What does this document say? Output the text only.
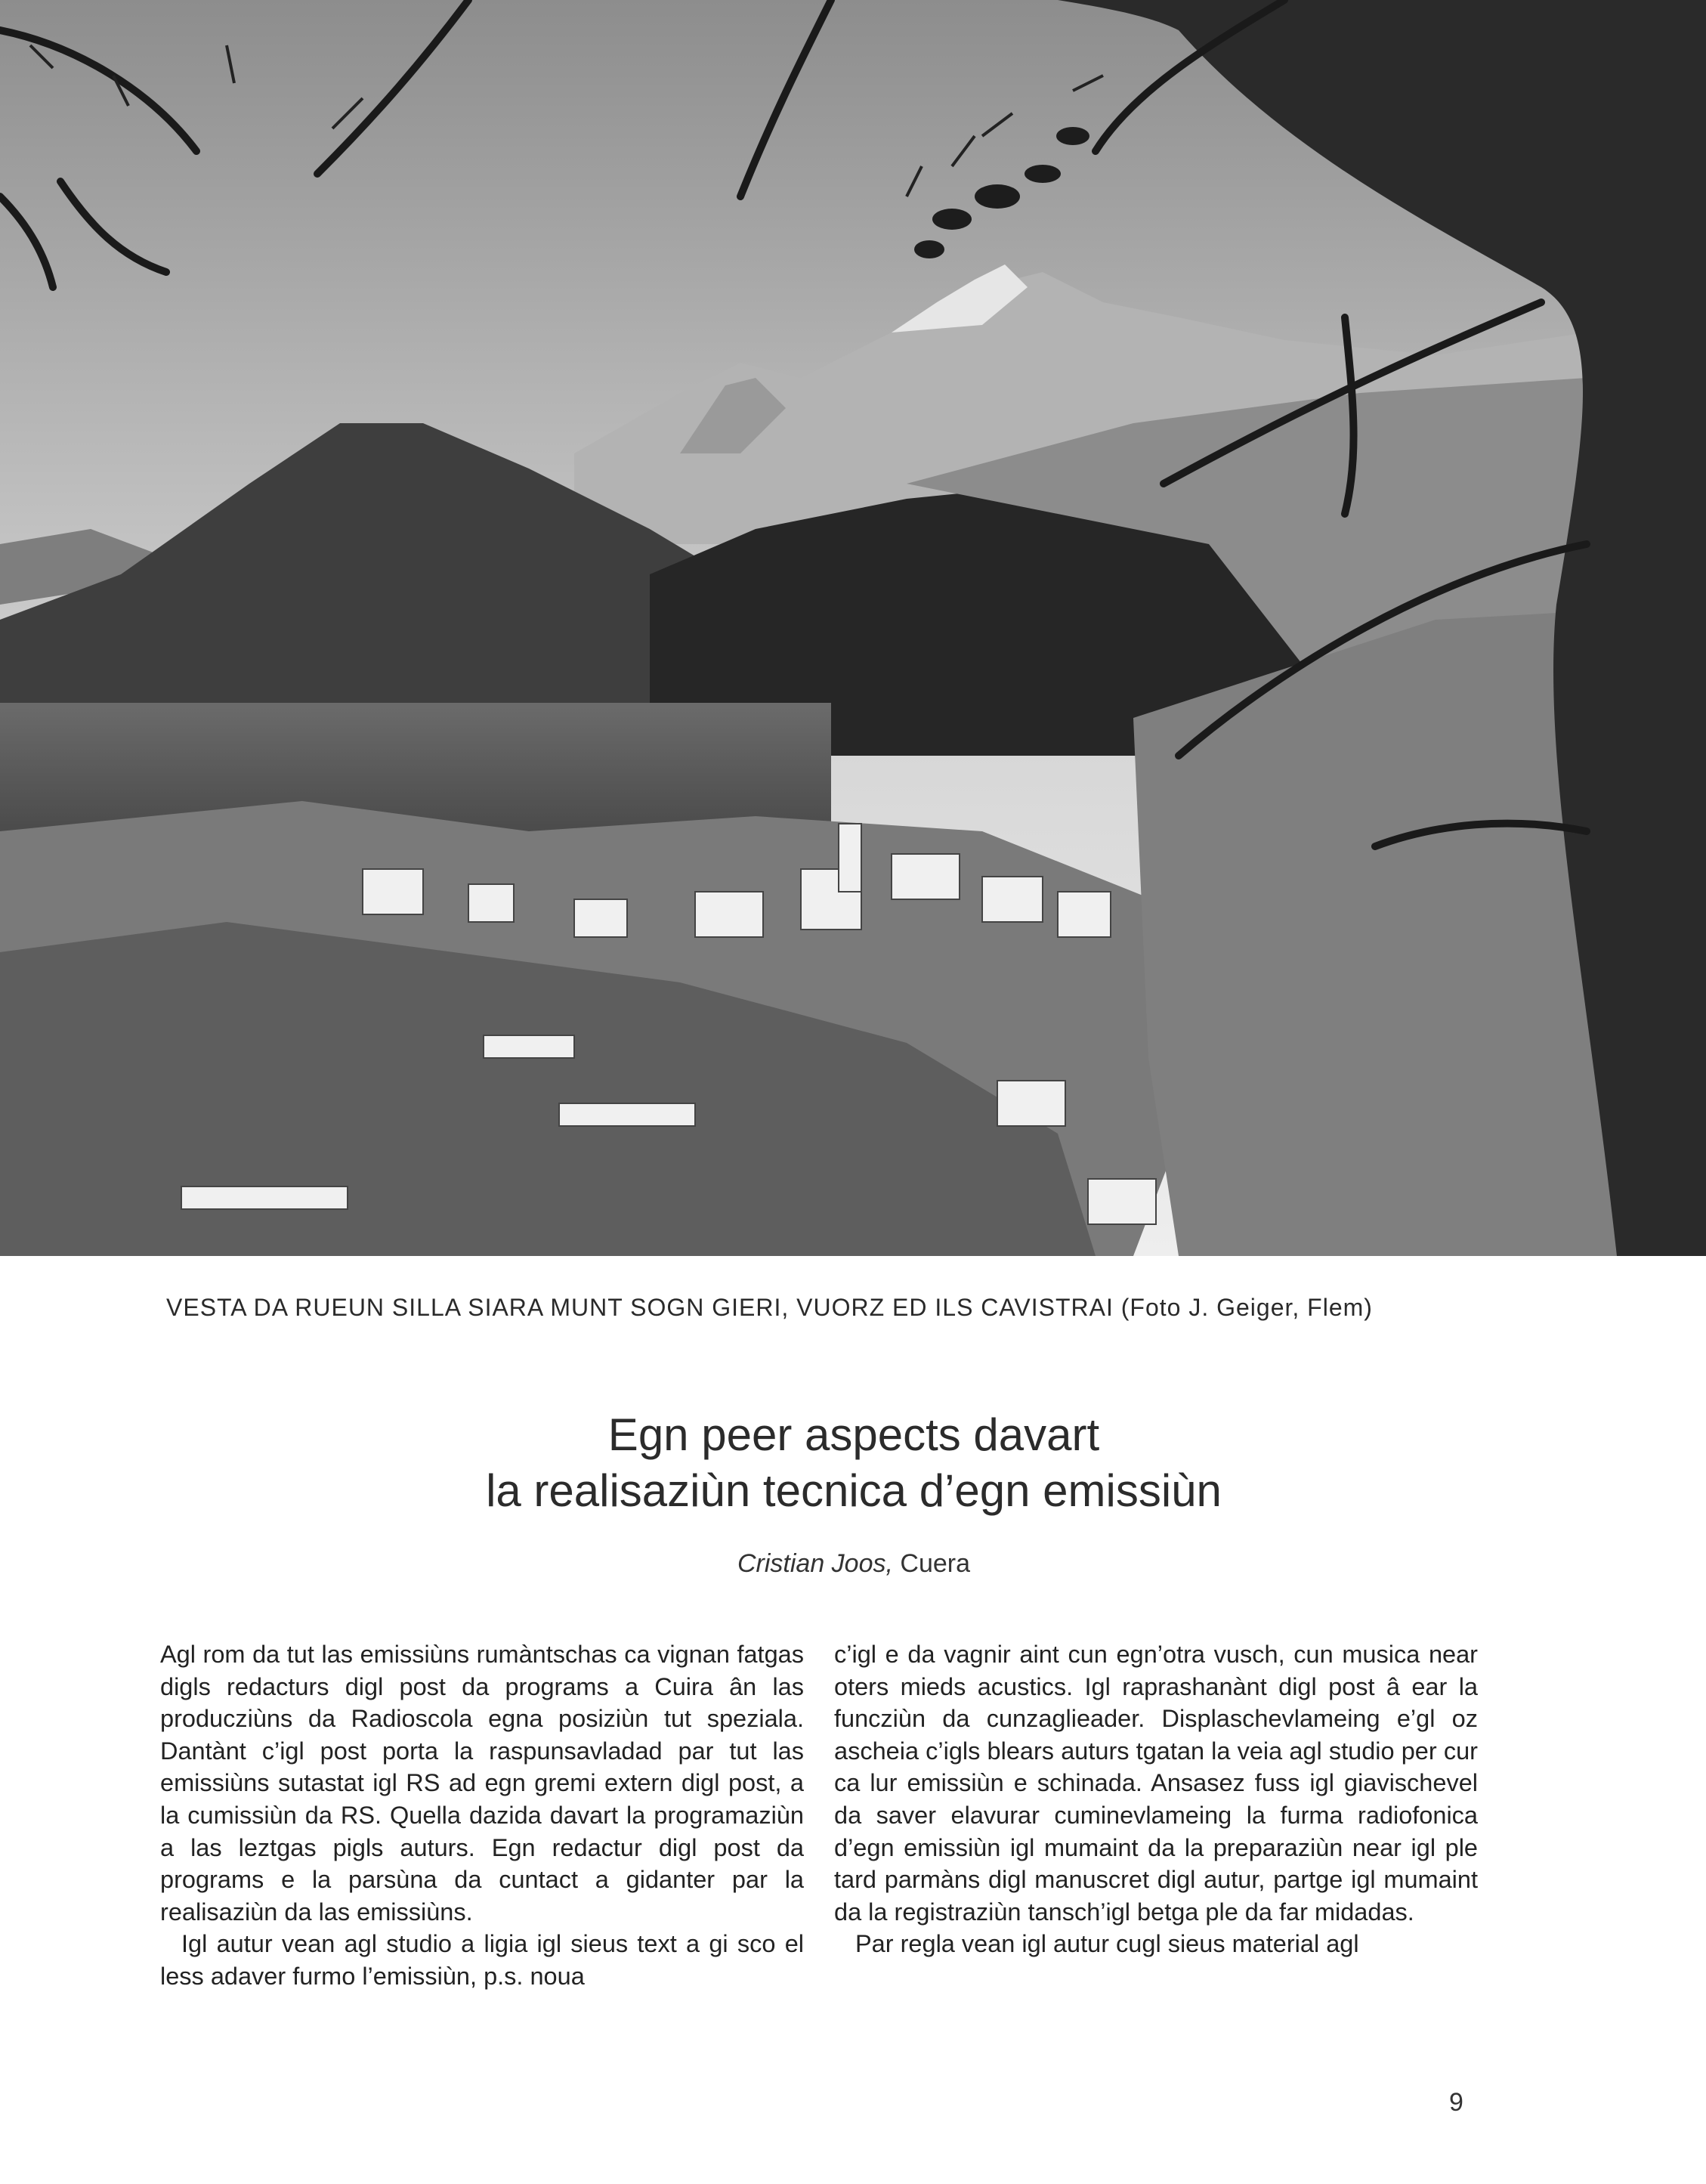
VESTA DA RUEUN SILLA SIARA MUNT SOGN GIERI, VUORZ ED ILS CAVISTRAI (Foto J. Geiger, Flem)
Egn peer aspects davart
la realisaziùn tecnica d’egn emissiùn
Cristian Joos, Cuera

Agl rom da tut las emissiùns rumàntschas ca vignan fatgas digls redacturs digl post da programs a Cuira ân las producziùns da Radioscola egna posiziùn tut speziala. Dantànt c’igl post porta la raspunsavladad par tut las emissiùns sutastat igl RS ad egn gremi extern digl post, a la cumissiùn da RS. Quella dazida davart la programaziùn a las leztgas pigls auturs. Egn redactur digl post da programs e la parsùna da cuntact a gidanter par la realisaziùn da las emissiùns.

Igl autur vean agl studio a ligia igl sieus text a gi sco el less adaver furmo l’emissiùn, p.s. noua

c’igl e da vagnir aint cun egn’otra vusch, cun musica near oters mieds acustics. Igl raprashanànt digl post â ear la funcziùn da cunzaglieader. Displaschevlameing e’gl oz ascheia c’igls blears auturs tgatan la veia agl studio per cur ca lur emissiùn e schinada. Ansasez fuss igl giavischevel da saver elavurar cuminevlameing la furma radiofonica d’egn emissiùn igl mumaint da la preparaziùn near igl ple tard parmàns digl manuscret digl autur, partge igl mumaint da la registraziùn tansch’igl betga ple da far midadas.

Par regla vean igl autur cugl sieus material agl

9
